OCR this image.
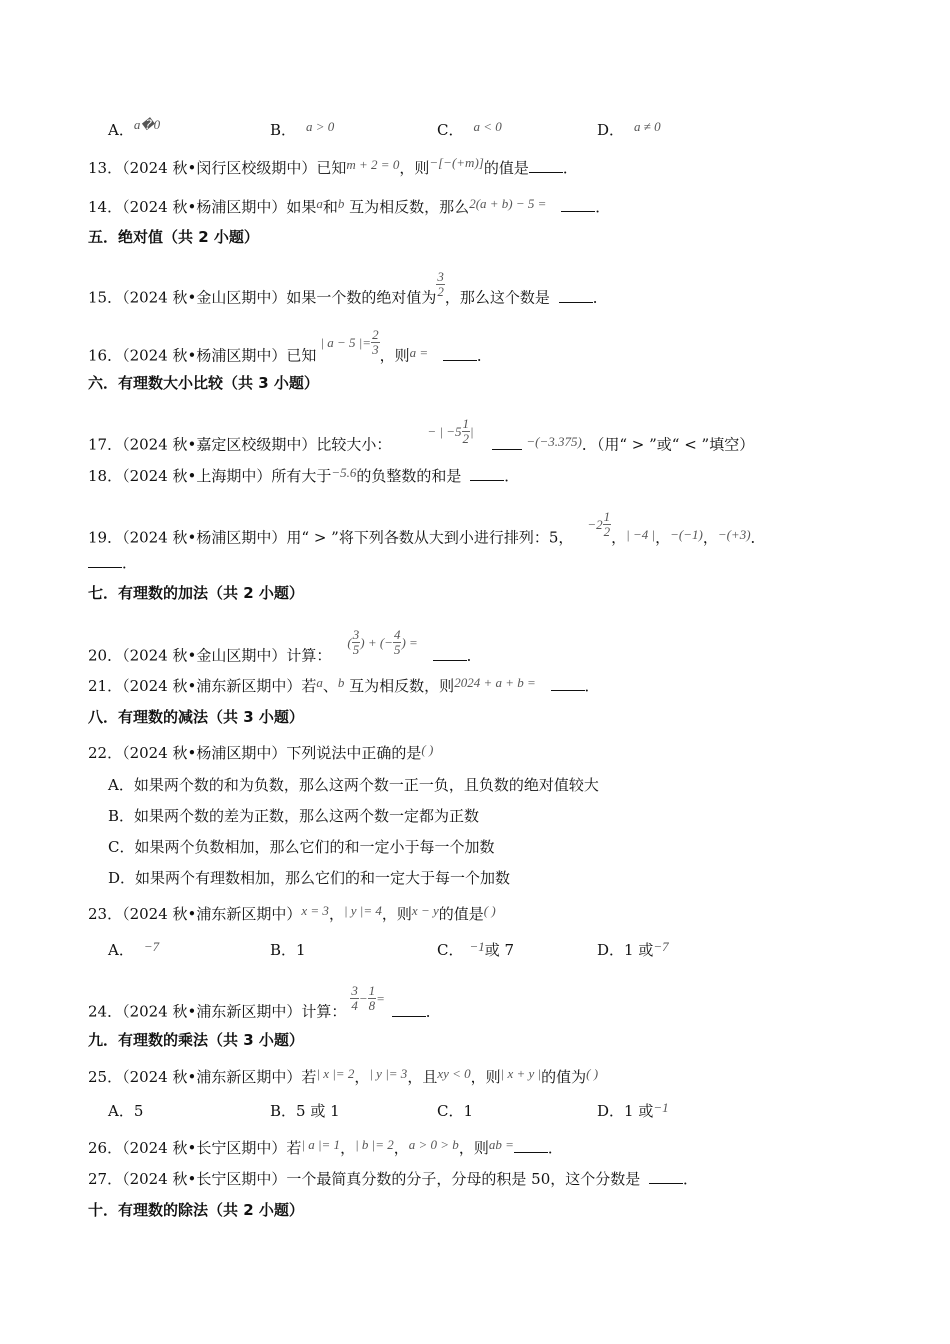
A．a�0	B． a > 0	C． a < 0	D． a ≠ 0
13．（2024 秋•闵行区校级期中）已知m + 2 = 0，则−[−(+m)]的值是 ．
14．（2024 秋•杨浦区期中）如果a和b 互为相反数，那么2(a + b) − 5 =	．
五．绝对值（共 2 小题）
15．（2024 秋•金山区期中）如果一个数的绝对值为 $\frac{3}{2}$ ，那么这个数是	．
16．（2024 秋•杨浦区期中）已知| a − 5 |= $\frac{2}{3}$ ，则a =	．
六．有理数大小比较（共 3 小题）
17．（2024 秋•嘉定区校级期中）比较大小：− | $-5 \frac{1}{2}$ | −(−3.375)．（用“ > ”或“ < ”填空）
18．（2024 秋•上海期中）所有大于−5.6的负整数的和是	．
19．（2024 秋•杨浦区期中）用“ > ”将下列各数从大到小进行排列：5，$-2 \frac{1}{2}$ ，| −4 |，−(−1)，−(+3)．
．
七．有理数的加法（共 2 小题）
20．（2024 秋•金山区期中）计算：( $\frac{3}{5}$ ) + (− $\frac{4}{5}$ ) = ．
21．（2024 秋•浦东新区期中）若a、b 互为相反数，则2024 + a + b =	．
八．有理数的减法（共 3 小题）
22．（2024 秋•杨浦区期中）下列说法中正确的是( )
A．如果两个数的和为负数，那么这两个数一正一负，且负数的绝对值较大
B．如果两个数的差为正数，那么这两个数一定都为正数
C．如果两个负数相加，那么它们的和一定小于每一个加数
D．如果两个有理数相加，那么它们的和一定大于每一个加数
23．（2024 秋•浦东新区期中）x = 3，| y |= 4，则x − y的值是( )
A． −7	B．1	C． −1或 7	D．1 或−7
24．（2024 秋•浦东新区期中）计算： $\frac{3}{4} - \frac{1}{8}$ = ．
九．有理数的乘法（共 3 小题）
25．（2024 秋•浦东新区期中）若| x |= 2，| y |= 3，且xy < 0，则| x + y |的值为( )
A．5	B．5 或 1	C．1	D．1 或−1
26．（2024 秋•长宁区期中）若| a |= 1，| b |= 2，a > 0 > b，则ab = ．
27．（2024 秋•长宁区期中）一个最简真分数的分子，分母的积是 50，这个分数是	．
十．有理数的除法（共 2 小题）
